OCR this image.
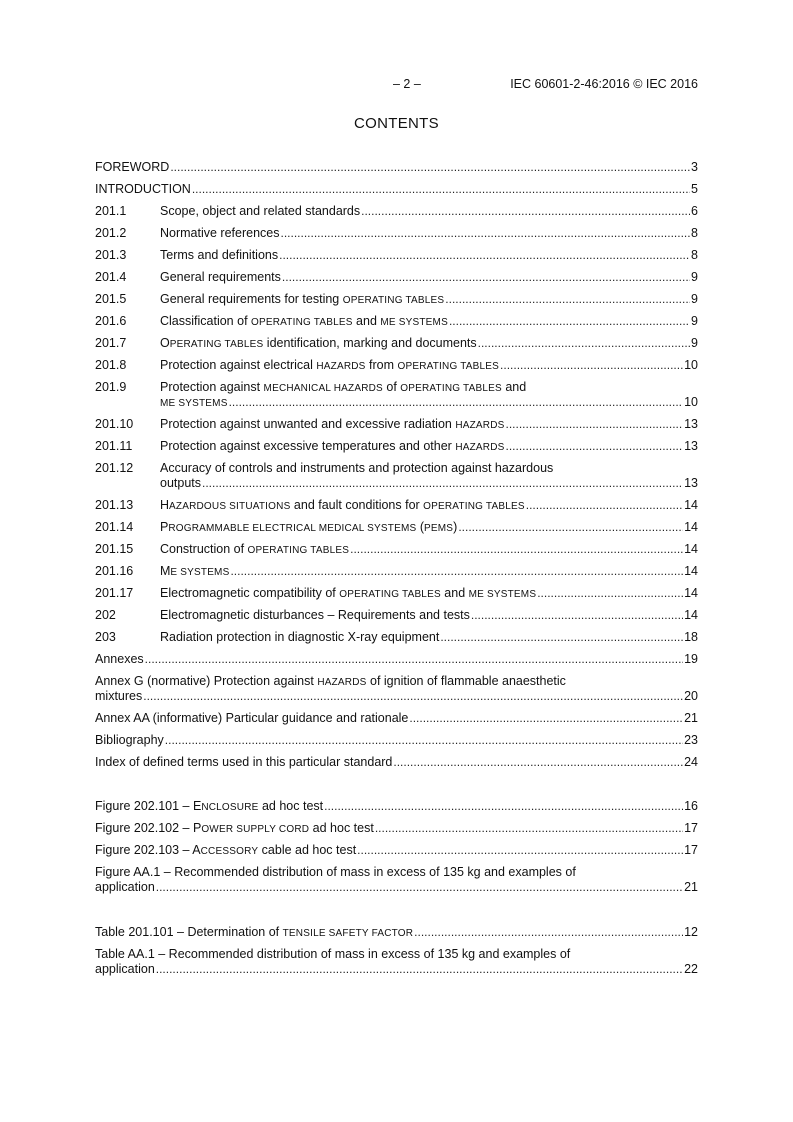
– 2 –	IEC 60601-2-46:2016 © IEC 2016
CONTENTS
FOREWORD .....	3
INTRODUCTION .....	5
201.1	Scope, object and related standards .....	6
201.2	Normative references .....	8
201.3	Terms and definitions .....	8
201.4	General requirements .....	9
201.5	General requirements for testing OPERATING TABLES .....	9
201.6	Classification of OPERATING TABLES and ME SYSTEMS .....	9
201.7	OPERATING TABLES identification, marking and documents .....	9
201.8	Protection against electrical HAZARDS from OPERATING TABLES .....	10
201.9	Protection against MECHANICAL HAZARDS of OPERATING TABLES and
ME SYSTEMS .....	10
201.10 Protection against unwanted and excessive radiation HAZARDS .....	13
201.11 Protection against excessive temperatures and other HAZARDS .....	13
201.12 Accuracy of controls and instruments and protection against hazardous
outputs .....	13
201.13 HAZARDOUS SITUATIONS and fault conditions for OPERATING TABLES .....	14
201.14 PROGRAMMABLE ELECTRICAL MEDICAL SYSTEMS (PEMS) .....	14
201.15 Construction of OPERATING TABLES .....	14
201.16 ME SYSTEMS .....	14
201.17 Electromagnetic compatibility of OPERATING TABLES and ME SYSTEMS .....	14
202	Electromagnetic disturbances – Requirements and tests .....	14
203	Radiation protection in diagnostic X-ray equipment .....	18
Annexes .....	19
Annex G (normative) Protection against HAZARDS of ignition of flammable anaesthetic
mixtures .....	20
Annex AA (informative) Particular guidance and rationale .....	21
Bibliography .....	23
Index of defined terms used in this particular standard .....	24
Figure 202.101 – ENCLOSURE ad hoc test .....	16
Figure 202.102 – POWER SUPPLY CORD ad hoc test .....	17
Figure 202.103 – ACCESSORY cable ad hoc test .....	17
Figure AA.1 – Recommended distribution of mass in excess of 135 kg and examples of
application .....	21
Table 201.101 – Determination of TENSILE SAFETY FACTOR .....	12
Table AA.1 – Recommended distribution of mass in excess of 135 kg and examples of
application .....	22
